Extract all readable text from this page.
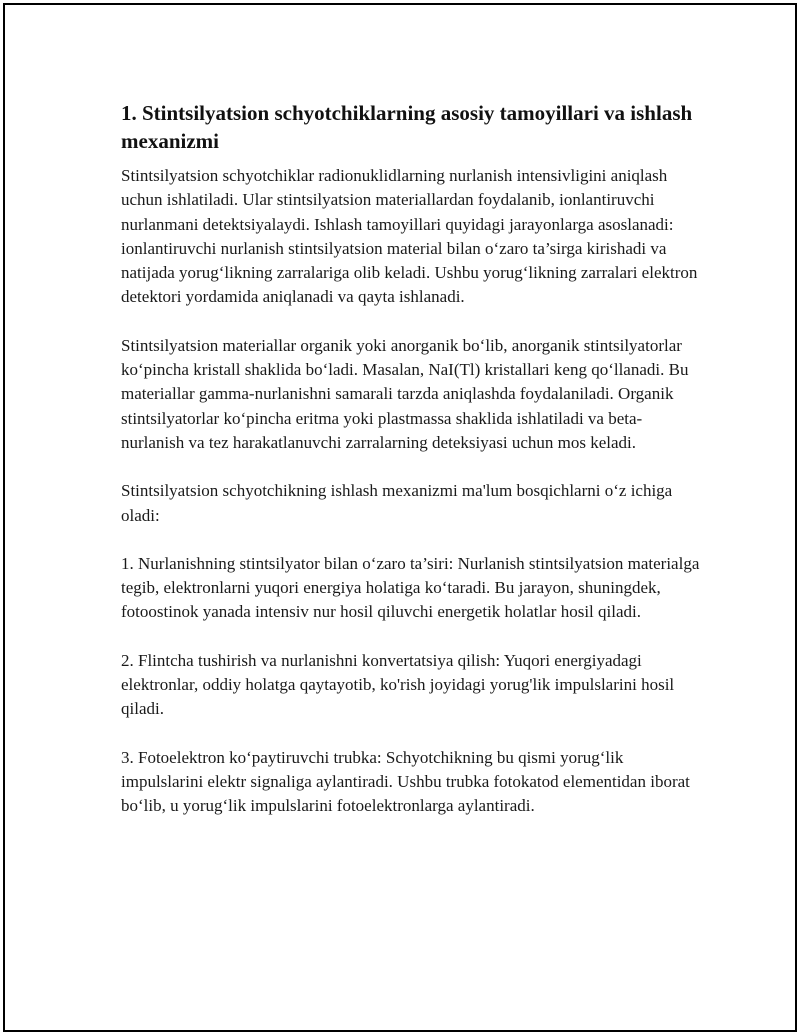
1. Stintsilyatsion schyotchiklarning asosiy tamoyillari va ishlash mexanizmi

Stintsilyatsion schyotchiklar radionuklidlarning nurlanish intensivligini aniqlash uchun ishlatiladi. Ular stintsilyatsion materiallardan foydalanib, ionlantiruvchi nurlanmani detektsiyalaydi. Ishlash tamoyillari quyidagi jarayonlarga asoslanadi: ionlantiruvchi nurlanish stintsilyatsion material bilan o‘zaro ta’sirga kirishadi va natijada yorug‘likning zarralariga olib keladi. Ushbu yorug‘likning zarralari elektron detektori yordamida aniqlanadi va qayta ishlanadi.

Stintsilyatsion materiallar organik yoki anorganik bo‘lib, anorganik stintsilyatorlar ko‘pincha kristall shaklida bo‘ladi. Masalan, NaI(Tl) kristallari keng qo‘llanadi. Bu materiallar gamma-nurlanishni samarali tarzda aniqlashda foydalaniladi. Organik stintsilyatorlar ko‘pincha eritma yoki plastmassa shaklida ishlatiladi va beta-nurlanish va tez harakatlanuvchi zarralarning deteksiyasi uchun mos keladi.

Stintsilyatsion schyotchikning ishlash mexanizmi ma'lum bosqichlarni o‘z ichiga oladi:

1. Nurlanishning stintsilyator bilan o‘zaro ta’siri: Nurlanish stintsilyatsion materialga tegib, elektronlarni yuqori energiya holatiga ko‘taradi. Bu jarayon, shuningdek, fotoostinok yanada intensiv nur hosil qiluvchi energetik holatlar hosil qiladi.

2. Flintcha tushirish va nurlanishni konvertatsiya qilish: Yuqori energiyadagi elektronlar, oddiy holatga qaytayotib, ko'rish joyidagi yorug'lik impulslarini hosil qiladi.

3. Fotoelektron ko‘paytiruvchi trubka: Schyotchikning bu qismi yorug‘lik impulslarini elektr signaliga aylantiradi. Ushbu trubka fotokatod elementidan iborat bo‘lib, u yorug‘lik impulslarini fotoelektronlarga aylantiradi.
